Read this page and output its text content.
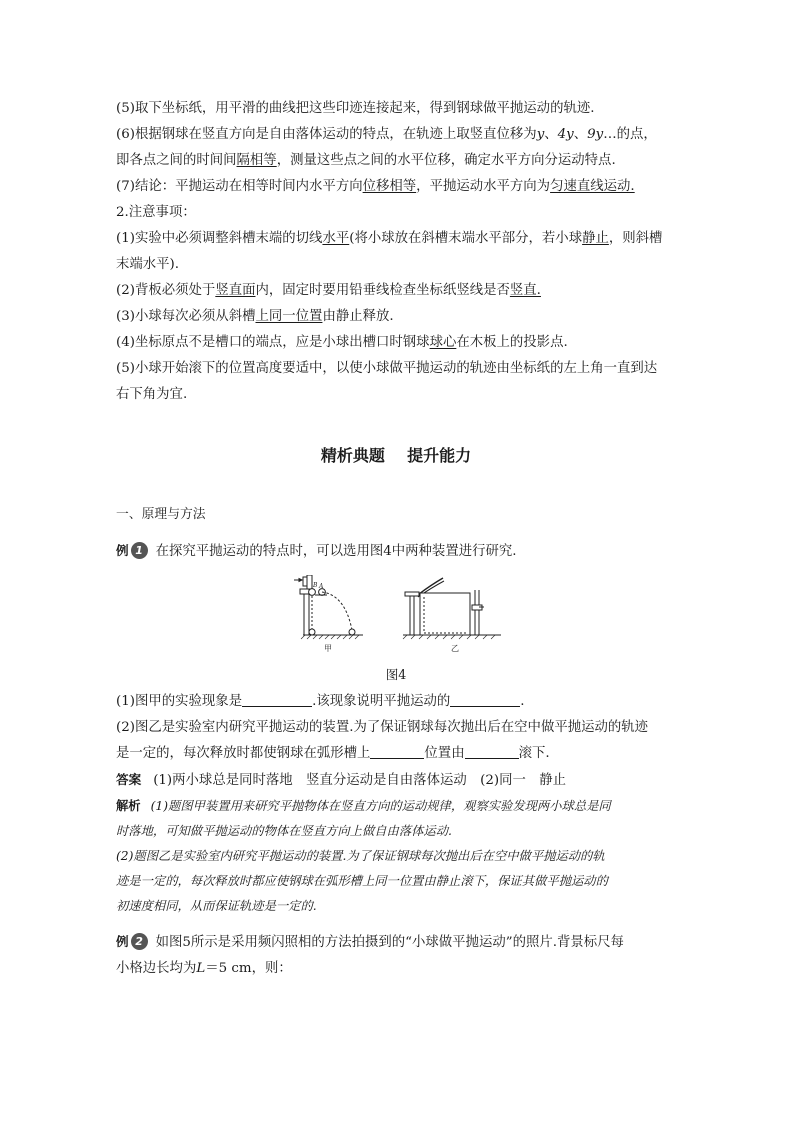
(5)取下坐标纸，用平滑的曲线把这些印迹连接起来，得到钢球做平抛运动的轨迹.

(6)根据钢球在竖直方向是自由落体运动的特点，在轨迹上取竖直位移为y、4y、9y…的点，

即各点之间的时间间隔相等，测量这些点之间的水平位移，确定水平方向分运动特点.

(7)结论：平抛运动在相等时间内水平方向位移相等，平抛运动水平方向为匀速直线运动.

2.注意事项：

(1)实验中必须调整斜槽末端的切线水平(将小球放在斜槽末端水平部分，若小球静止，则斜槽

末端水平).

(2)背板必须处于竖直面内，固定时要用铅垂线检查坐标纸竖线是否竖直.

(3)小球每次必须从斜槽上同一位置由静止释放.

(4)坐标原点不是槽口的端点，应是小球出槽口时钢球球心在木板上的投影点.

(5)小球开始滚下的位置高度要适中，以使小球做平抛运动的轨迹由坐标纸的左上角一直到达

右下角为宜.

精析典题 提升能力

一、原理与方法

例 1 在探究平抛运动的特点时，可以选用图4中两种装置进行研究.

B A
甲	乙
图4

(1)图甲的实验现象是	.该现象说明平抛运动的	.

(2)图乙是实验室内研究平抛运动的装置.为了保证钢球每次抛出后在空中做平抛运动的轨迹

是一定的，每次释放时都使钢球在弧形槽上	位置由	滚下.

答案 (1)两小球总是同时落地　竖直分运动是自由落体运动　(2)同一　静止

解析 (1)题图甲装置用来研究平抛物体在竖直方向的运动规律，观察实验发现两小球总是同

时落地，可知做平抛运动的物体在竖直方向上做自由落体运动.

(2)题图乙是实验室内研究平抛运动的装置.为了保证钢球每次抛出后在空中做平抛运动的轨

迹是一定的，每次释放时都应使钢球在弧形槽上同一位置由静止滚下，保证其做平抛运动的

初速度相同，从而保证轨迹是一定的.

例 2 如图5所示是采用频闪照相的方法拍摄到的“小球做平抛运动”的照片.背景标尺每

小格边长均为L＝5 cm，则：
